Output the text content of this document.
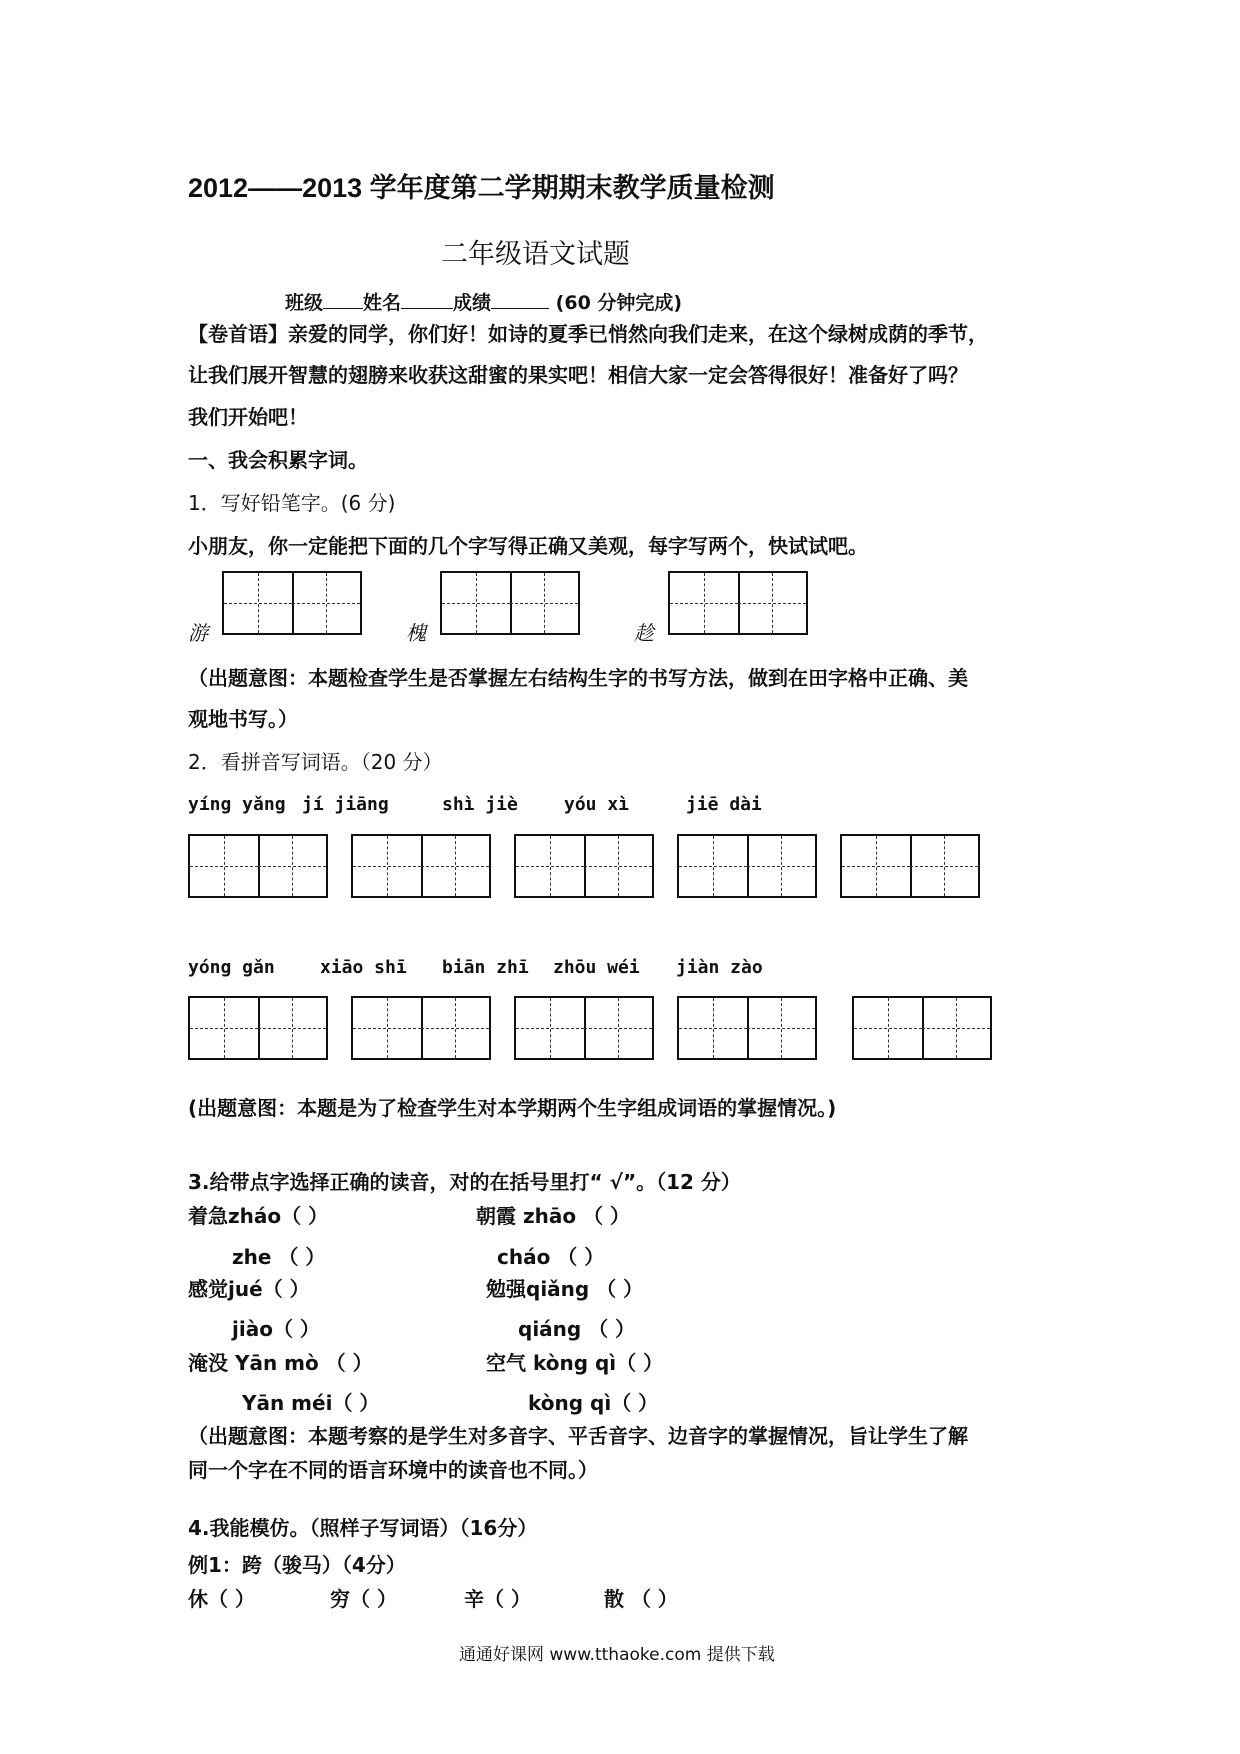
2012——2013 学年度第二学期期末教学质量检测
二年级语文试题
班级 姓名	成绩	(60 分钟完成)
【卷首语】亲爱的同学，你们好！如诗的夏季已悄然向我们走来，在这个绿树成荫的季节，
让我们展开智慧的翅膀来收获这甜蜜的果实吧！相信大家一定会答得很好！准备好了吗？
我们开始吧！
一、我会积累字词。
1．写好铅笔字。(6 分)
小朋友，你一定能把下面的几个字写得正确又美观，每字写两个，快试试吧。
游	槐	趁
（出题意图：本题检查学生是否掌握左右结构生字的书写方法，做到在田字格中正确、美
观地书写。）
2．看拼音写词语。（20 分）
yíng yǎng jí jiāng	shì jiè	yóu xì	jiē dài
yóng gǎn	xiāo shī biān zhī zhōu wéi jiàn zào
(出题意图：本题是为了检查学生对本学期两个生字组成词语的掌握情况。)
3.给带点字选择正确的读音，对的在括号里打“ √”。（12 分）
着急zháo（ ）	朝霞 zhāo （ ）
zhe （ ）	cháo （ ）
感觉jué（ ）	勉强qiǎng （ ）
jiào（ ）	qiáng （ ）
淹没 Yān mò （ ）	空气 kòng qì（ ）
Yān méi（ ）	kòng qì（ ）
（出题意图：本题考察的是学生对多音字、平舌音字、边音字的掌握情况，旨让学生了解
同一个字在不同的语言环境中的读音也不同。）
4.我能模仿。（照样子写词语）（16分）
例1：跨（骏马）（4分）
休（ ）	穷（ ）	辛（ ）	散 （ ）
通通好课网 www.tthaoke.com 提供下载
